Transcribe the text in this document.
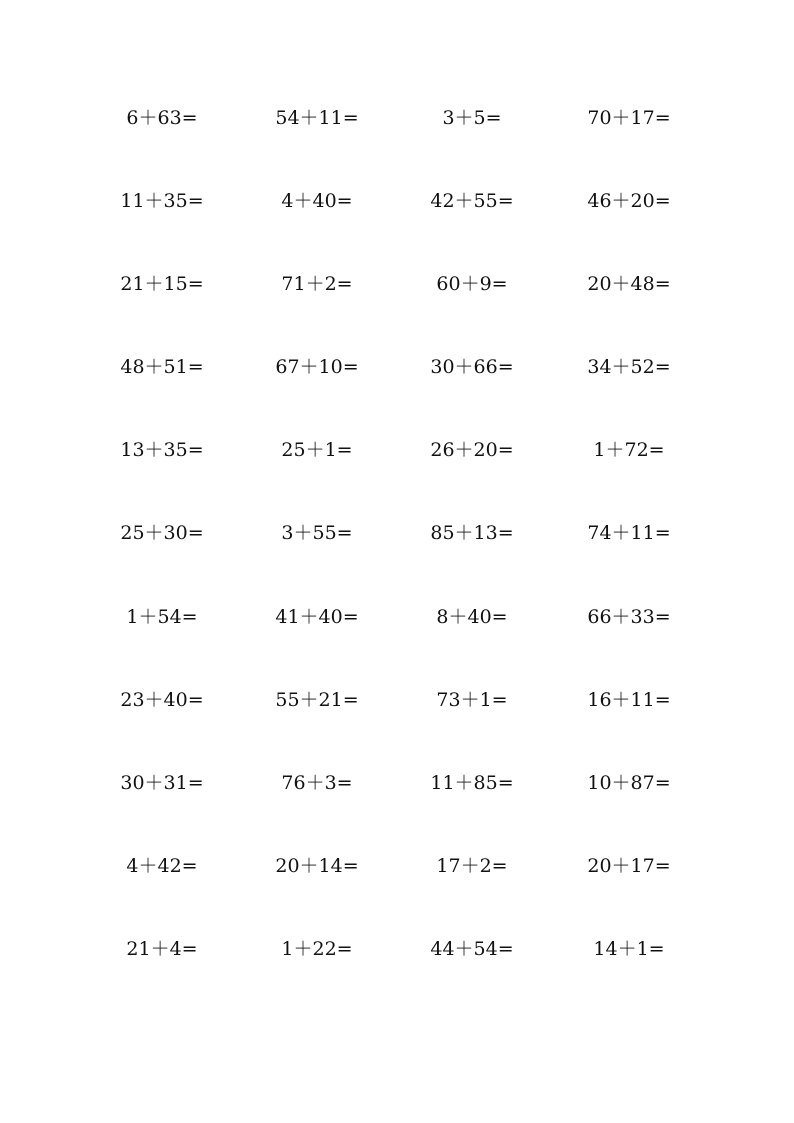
6＋63=	54＋11=	3＋5=	70＋17=
11＋35=	4＋40=	42＋55=	46＋20=
21＋15=	71＋2=	60＋9=	20＋48=
48＋51=	67＋10=	30＋66=	34＋52=
13＋35=	25＋1=	26＋20=	1＋72=
25＋30=	3＋55=	85＋13=	74＋11=
1＋54=	41＋40=	8＋40=	66＋33=
23＋40=	55＋21=	73＋1=	16＋11=
30＋31=	76＋3=	11＋85=	10＋87=
4＋42=	20＋14=	17＋2=	20＋17=
21＋4=	1＋22=	44＋54=	14＋1=
